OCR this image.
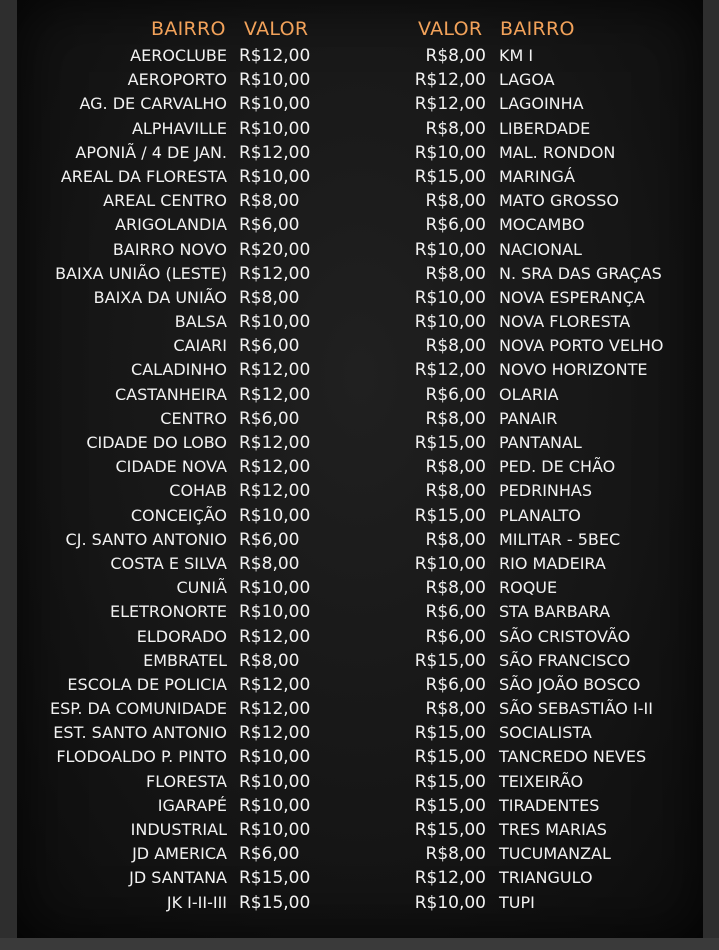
BAIRRO VALOR	VALOR BAIRRO
AEROCLUBE R$12,00	R$8,00 KM I
AEROPORTO R$10,00	R$12,00 LAGOA
AG. DE CARVALHO R$10,00	R$12,00 LAGOINHA
ALPHAVILLE R$10,00	R$8,00 LIBERDADE
APONIÃ / 4 DE JAN. R$12,00	R$10,00 MAL. RONDON
AREAL DA FLORESTA R$10,00	R$15,00 MARINGÁ
AREAL CENTRO R$8,00	R$8,00 MATO GROSSO
ARIGOLANDIA R$6,00	R$6,00 MOCAMBO
BAIRRO NOVO R$20,00	R$10,00 NACIONAL
BAIXA UNIÃO (LESTE) R$12,00	R$8,00 N. SRA DAS GRAÇAS
BAIXA DA UNIÃO R$8,00	R$10,00 NOVA ESPERANÇA
BALSA R$10,00	R$10,00 NOVA FLORESTA
CAIARI R$6,00	R$8,00 NOVA PORTO VELHO
CALADINHO R$12,00	R$12,00 NOVO HORIZONTE
CASTANHEIRA R$12,00	R$6,00 OLARIA
CENTRO R$6,00	R$8,00 PANAIR
CIDADE DO LOBO R$12,00	R$15,00 PANTANAL
CIDADE NOVA R$12,00	R$8,00 PED. DE CHÃO
COHAB R$12,00	R$8,00 PEDRINHAS
CONCEIÇÃO R$10,00	R$15,00 PLANALTO
CJ. SANTO ANTONIO R$6,00	R$8,00 MILITAR - 5BEC
COSTA E SILVA R$8,00	R$10,00 RIO MADEIRA
CUNIÃ R$10,00	R$8,00 ROQUE
ELETRONORTE R$10,00	R$6,00 STA BARBARA
ELDORADO R$12,00	R$6,00 SÃO CRISTOVÃO
EMBRATEL R$8,00	R$15,00 SÃO FRANCISCO
ESCOLA DE POLICIA R$12,00	R$6,00 SÃO JOÃO BOSCO
ESP. DA COMUNIDADE R$12,00	R$8,00 SÃO SEBASTIÃO I-II
EST. SANTO ANTONIO R$12,00	R$15,00 SOCIALISTA
FLODOALDO P. PINTO R$10,00	R$15,00 TANCREDO NEVES
FLORESTA R$10,00	R$15,00 TEIXEIRÃO
IGARAPÉ R$10,00	R$15,00 TIRADENTES
INDUSTRIAL R$10,00	R$15,00 TRES MARIAS
JD AMERICA R$6,00	R$8,00 TUCUMANZAL
JD SANTANA R$15,00	R$12,00 TRIANGULO
JK I-II-III R$15,00	R$10,00 TUPI
